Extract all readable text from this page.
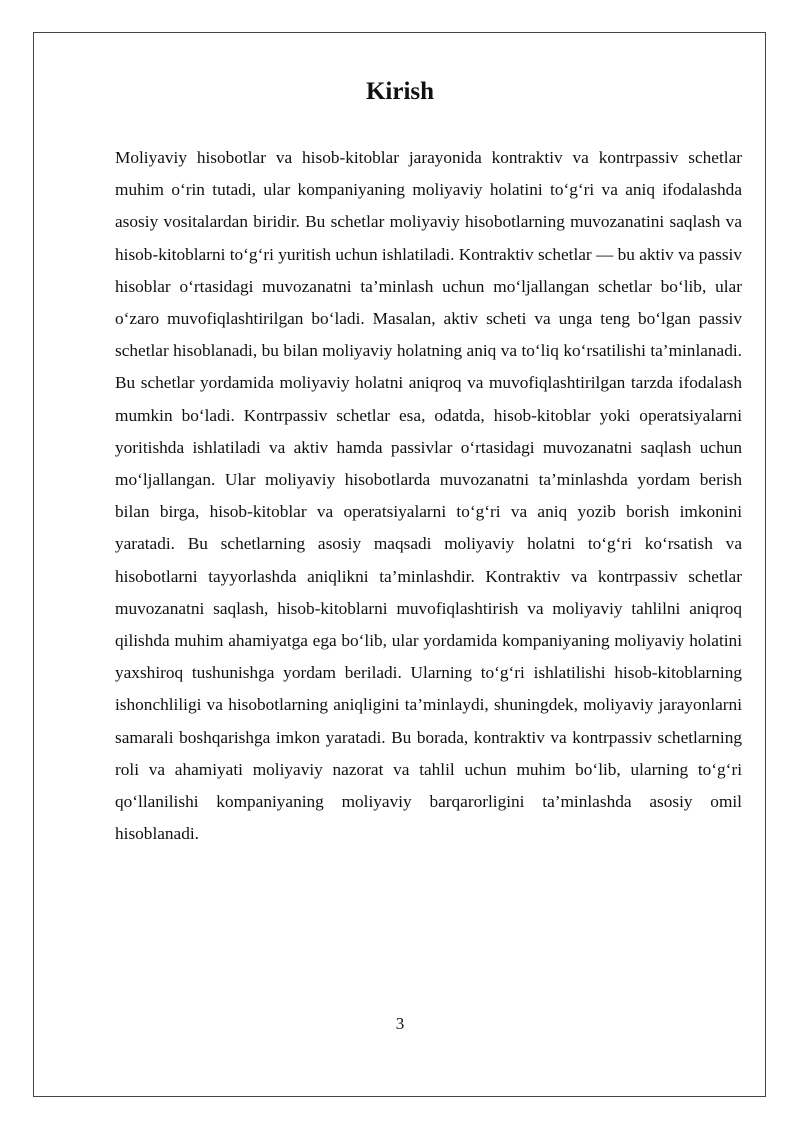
Kirish

Moliyaviy hisobotlar va hisob-kitoblar jarayonida kontraktiv va kontrpassiv schetlar muhim o‘rin tutadi, ular kompaniyaning moliyaviy holatini to‘g‘ri va aniq ifodalashda asosiy vositalardan biridir. Bu schetlar moliyaviy hisobotlarning muvozanatini saqlash va hisob-kitoblarni to‘g‘ri yuritish uchun ishlatiladi. Kontraktiv schetlar — bu aktiv va passiv hisoblar o‘rtasidagi muvozanatni ta’minlash uchun mo‘ljallangan schetlar bo‘lib, ular o‘zaro muvofiqlashtirilgan bo‘ladi. Masalan, aktiv scheti va unga teng bo‘lgan passiv schetlar hisoblanadi, bu bilan moliyaviy holatning aniq va to‘liq ko‘rsatilishi ta’minlanadi. Bu schetlar yordamida moliyaviy holatni aniqroq va muvofiqlashtirilgan tarzda ifodalash mumkin bo‘ladi. Kontrpassiv schetlar esa, odatda, hisob-kitoblar yoki operatsiyalarni yoritishda ishlatiladi va aktiv hamda passivlar o‘rtasidagi muvozanatni saqlash uchun mo‘ljallangan. Ular moliyaviy hisobotlarda muvozanatni ta’minlashda yordam berish bilan birga, hisob-kitoblar va operatsiyalarni to‘g‘ri va aniq yozib borish imkonini yaratadi. Bu schetlarning asosiy maqsadi moliyaviy holatni to‘g‘ri ko‘rsatish va hisobotlarni tayyorlashda aniqlikni ta’minlashdir. Kontraktiv va kontrpassiv schetlar muvozanatni saqlash, hisob-kitoblarni muvofiqlashtirish va moliyaviy tahlilni aniqroq qilishda muhim ahamiyatga ega bo‘lib, ular yordamida kompaniyaning moliyaviy holatini yaxshiroq tushunishga yordam beriladi. Ularning to‘g‘ri ishlatilishi hisob-kitoblarning ishonchliligi va hisobotlarning aniqligini ta’minlaydi, shuningdek, moliyaviy jarayonlarni samarali boshqarishga imkon yaratadi. Bu borada, kontraktiv va kontrpassiv schetlarning roli va ahamiyati moliyaviy nazorat va tahlil uchun muhim bo‘lib, ularning to‘g‘ri qo‘llanilishi kompaniyaning moliyaviy barqarorligini ta’minlashda asosiy omil hisoblanadi.

3
